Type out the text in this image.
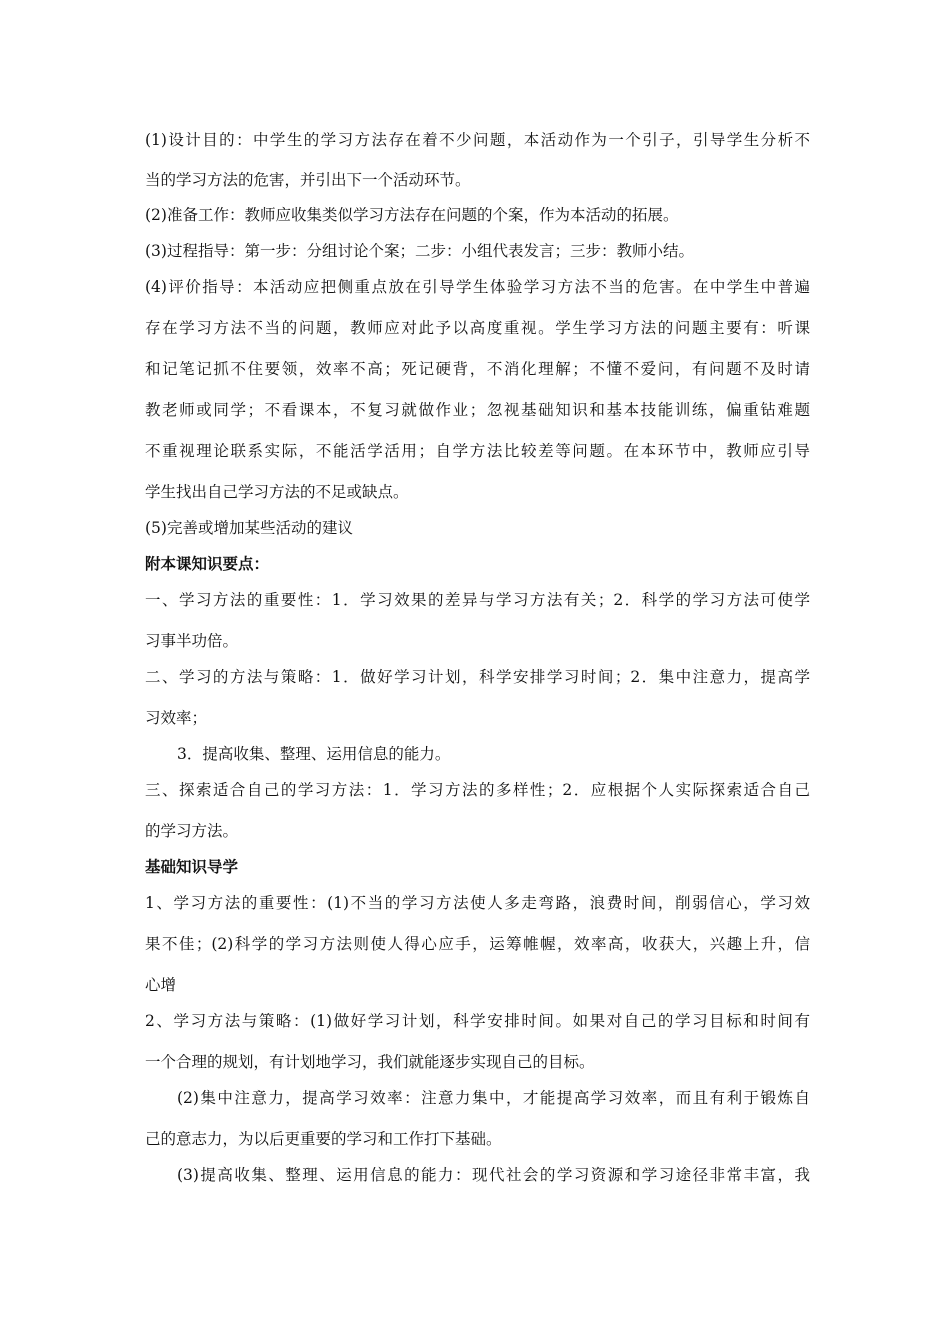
(1)设计目的：中学生的学习方法存在着不少问题，本活动作为一个引子，引导学生分析不
当的学习方法的危害，并引出下一个活动环节。
(2)准备工作：教师应收集类似学习方法存在问题的个案，作为本活动的拓展。
(3)过程指导：第一步：分组讨论个案；二步：小组代表发言；三步：教师小结。
(4)评价指导：本活动应把侧重点放在引导学生体验学习方法不当的危害。在中学生中普遍
存在学习方法不当的问题，教师应对此予以高度重视。学生学习方法的问题主要有：听课
和记笔记抓不住要领，效率不高；死记硬背，不消化理解；不懂不爱问，有问题不及时请
教老师或同学；不看课本，不复习就做作业；忽视基础知识和基本技能训练，偏重钻难题
不重视理论联系实际，不能活学活用；自学方法比较差等问题。在本环节中，教师应引导
学生找出自己学习方法的不足或缺点。
(5)完善或增加某些活动的建议
附本课知识要点：
一、学习方法的重要性：1．学习效果的差异与学习方法有关；2．科学的学习方法可使学
习事半功倍。
二、学习的方法与策略：1．做好学习计划，科学安排学习时间；2．集中注意力，提高学
习效率；
3．提高收集、整理、运用信息的能力。
三、探索适合自己的学习方法：1．学习方法的多样性；2．应根据个人实际探索适合自己
的学习方法。
基础知识导学
1、学习方法的重要性：(1)不当的学习方法使人多走弯路，浪费时间，削弱信心，学习效
果不佳；(2)科学的学习方法则使人得心应手，运筹帷幄，效率高，收获大，兴趣上升，信
心增
2、学习方法与策略：(1)做好学习计划，科学安排时间。如果对自己的学习目标和时间有
一个合理的规划，有计划地学习，我们就能逐步实现自己的目标。
(2)集中注意力，提高学习效率：注意力集中，才能提高学习效率，而且有利于锻炼自
己的意志力，为以后更重要的学习和工作打下基础。
(3)提高收集、整理、运用信息的能力：现代社会的学习资源和学习途径非常丰富，我
